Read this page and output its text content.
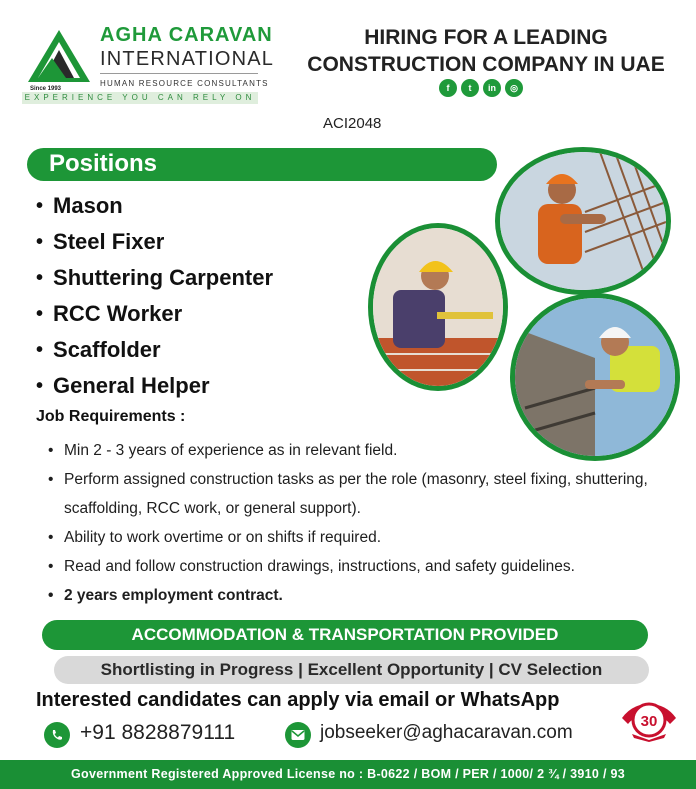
AGHA CARAVAN
INTERNATIONAL
HUMAN RESOURCE CONSULTANTS
Since 1993
EXPERIENCE YOU CAN RELY ON
HIRING FOR A LEADING
CONSTRUCTION COMPANY IN UAE
f	t	in	◎
ACI2048
Positions
• Mason
• Steel Fixer
• Shuttering Carpenter
• RCC Worker
• Scaffolder
• General Helper
Job Requirements :
• Min 2 - 3 years of experience as in relevant field.
• Perform assigned construction tasks as per the role (masonry, steel fixing, shuttering, scaffolding, RCC work, or general support).
• Ability to work overtime or on shifts if required.
• Read and follow construction drawings, instructions, and safety guidelines.
• 2 years employment contract.
ACCOMMODATION & TRANSPORTATION PROVIDED
Shortlisting in Progress | Excellent Opportunity | CV Selection
Interested candidates can apply via email or WhatsApp
+91 8828879111	jobseeker@aghacaravan.com
30
Government Registered Approved License no : B-0622 / BOM / PER / 1000/ 2 ¾ / 3910 / 93
